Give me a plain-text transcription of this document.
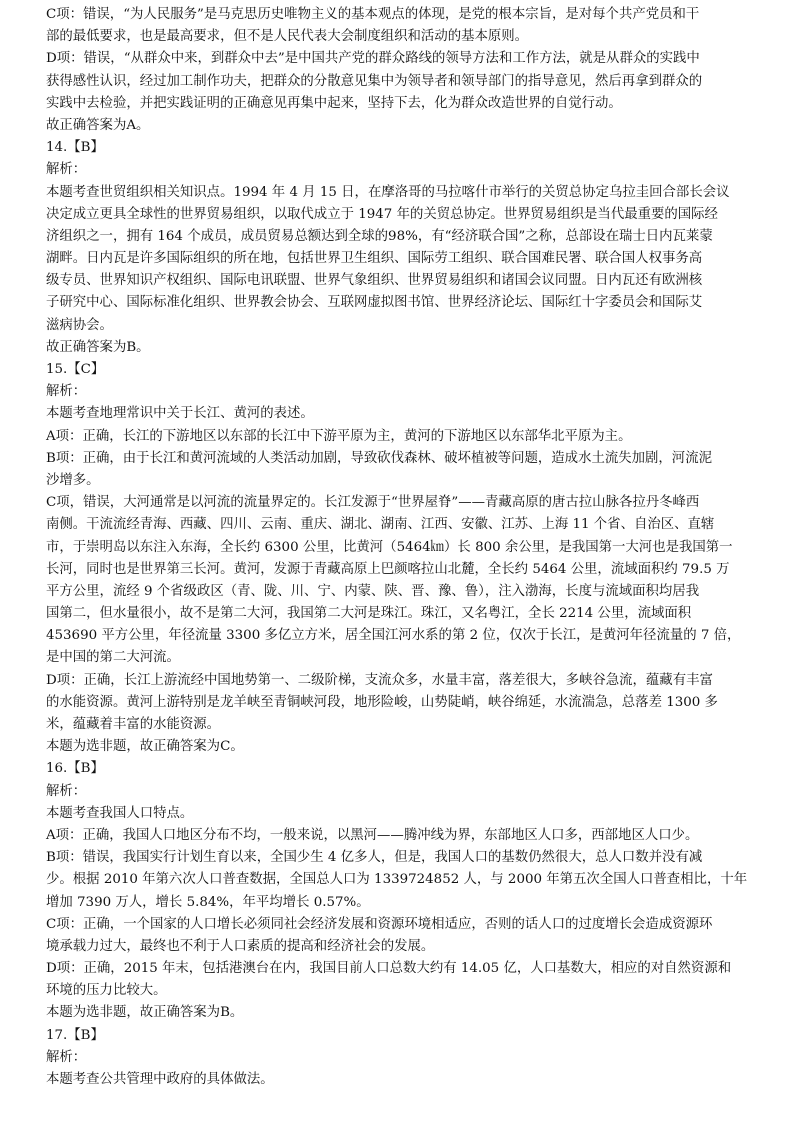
C项：错误，“为人民服务”是马克思历史唯物主义的基本观点的体现，是党的根本宗旨，是对每个共产党员和干
部的最低要求，也是最高要求，但不是人民代表大会制度组织和活动的基本原则。
D项：错误，“从群众中来，到群众中去”是中国共产党的群众路线的领导方法和工作方法，就是从群众的实践中
获得感性认识，经过加工制作功夫，把群众的分散意见集中为领导者和领导部门的指导意见，然后再拿到群众的
实践中去检验，并把实践证明的正确意见再集中起来，坚持下去，化为群众改造世界的自觉行动。
故正确答案为A。
14.【B】
解析：
本题考查世贸组织相关知识点。1994 年 4 月 15 日，在摩洛哥的马拉喀什市举行的关贸总协定乌拉圭回合部长会议
决定成立更具全球性的世界贸易组织，以取代成立于 1947 年的关贸总协定。世界贸易组织是当代最重要的国际经
济组织之一，拥有 164 个成员，成员贸易总额达到全球的98%，有“经济联合国”之称，总部设在瑞士日内瓦莱蒙
湖畔。日内瓦是许多国际组织的所在地，包括世界卫生组织、国际劳工组织、联合国难民署、联合国人权事务高
级专员、世界知识产权组织、国际电讯联盟、世界气象组织、世界贸易组织和诸国会议同盟。日内瓦还有欧洲核
子研究中心、国际标准化组织、世界教会协会、互联网虚拟图书馆、世界经济论坛、国际红十字委员会和国际艾
滋病协会。
故正确答案为B。
15.【C】
解析：
本题考查地理常识中关于长江、黄河的表述。
A项：正确，长江的下游地区以东部的长江中下游平原为主，黄河的下游地区以东部华北平原为主。
B项：正确，由于长江和黄河流域的人类活动加剧，导致砍伐森林、破坏植被等问题，造成水土流失加剧，河流泥
沙增多。
C项，错误，大河通常是以河流的流量界定的。长江发源于“世界屋脊”——青藏高原的唐古拉山脉各拉丹冬峰西
南侧。干流流经青海、西藏、四川、云南、重庆、湖北、湖南、江西、安徽、江苏、上海 11 个省、自治区、直辖
市，于崇明岛以东注入东海，全长约 6300 公里，比黄河（5464㎞）长 800 余公里，是我国第一大河也是我国第一
长河，同时也是世界第三长河。黄河，发源于青藏高原上巴颜喀拉山北麓，全长约 5464 公里，流域面积约 79.5 万
平方公里，流经 9 个省级政区（青、陇、川、宁、内蒙、陕、晋、豫、鲁），注入渤海，长度与流域面积均居我
国第二，但水量很小，故不是第二大河，我国第二大河是珠江。珠江，又名粤江，全长 2214 公里，流域面积
453690 平方公里，年径流量 3300 多亿立方米，居全国江河水系的第 2 位，仅次于长江，是黄河年径流量的 7 倍，
是中国的第二大河流。
D项：正确，长江上游流经中国地势第一、二级阶梯，支流众多，水量丰富，落差很大，多峡谷急流，蕴藏有丰富
的水能资源。黄河上游特别是龙羊峡至青铜峡河段，地形险峻，山势陡峭，峡谷绵延，水流湍急，总落差 1300 多
米，蕴藏着丰富的水能资源。
本题为选非题，故正确答案为C。
16.【B】
解析：
本题考查我国人口特点。
A项：正确，我国人口地区分布不均，一般来说，以黑河——腾冲线为界，东部地区人口多，西部地区人口少。
B项：错误，我国实行计划生育以来，全国少生 4 亿多人，但是，我国人口的基数仍然很大，总人口数并没有减
少。根据 2010 年第六次人口普查数据，全国总人口为 1339724852 人，与 2000 年第五次全国人口普查相比，十年
增加 7390 万人，增长 5.84%，年平均增长 0.57%。
C项：正确，一个国家的人口增长必须同社会经济发展和资源环境相适应，否则的话人口的过度增长会造成资源环
境承载力过大，最终也不利于人口素质的提高和经济社会的发展。
D项：正确，2015 年末，包括港澳台在内，我国目前人口总数大约有 14.05 亿，人口基数大，相应的对自然资源和
环境的压力比较大。
本题为选非题，故正确答案为B。
17.【B】
解析：
本题考查公共管理中政府的具体做法。
